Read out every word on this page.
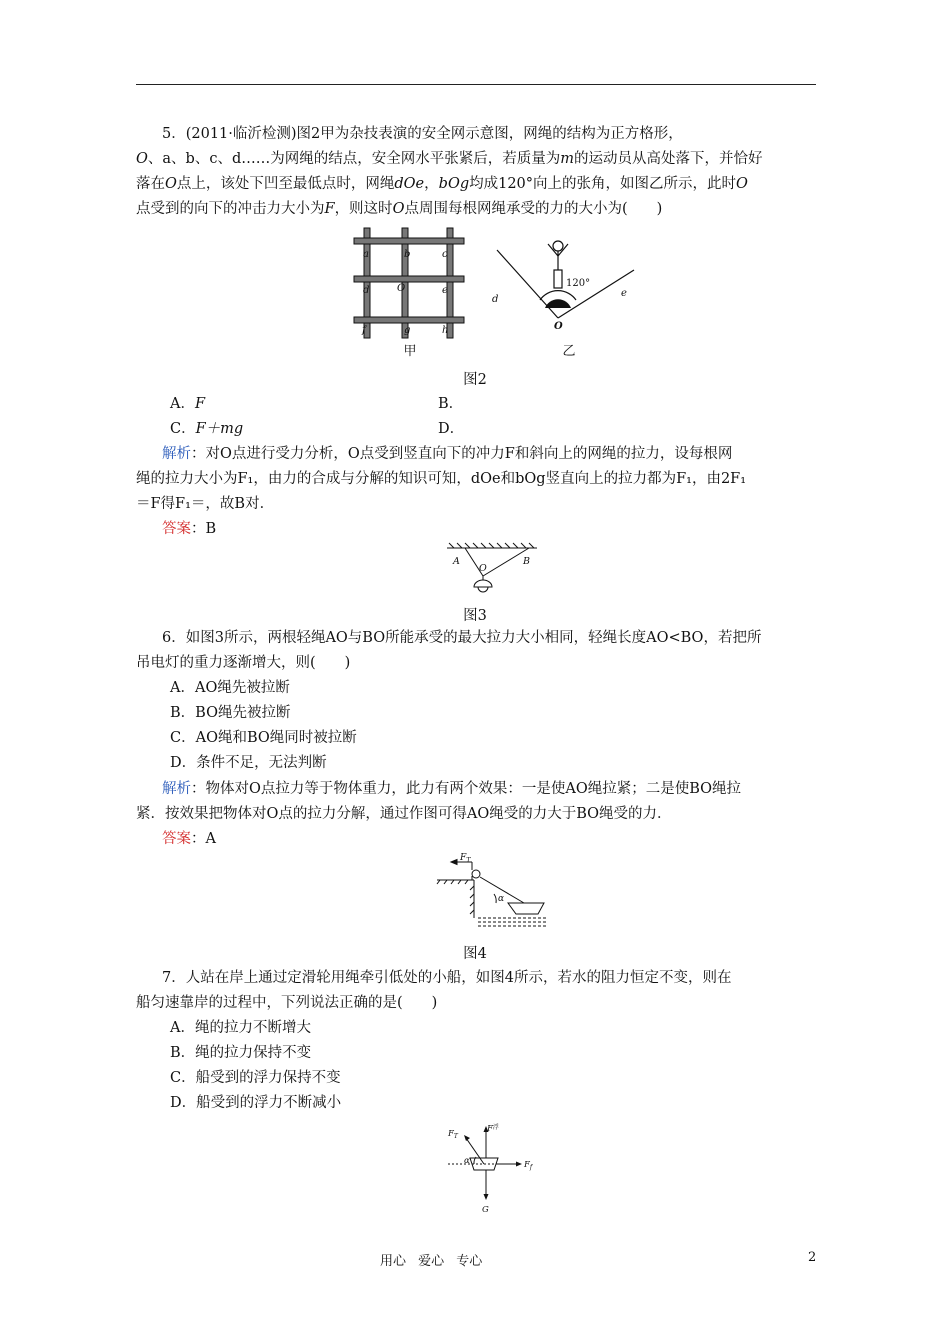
5．(2011·临沂检测)图2甲为杂技表演的安全网示意图，网绳的结构为正方格形，
O、a、b、c、d……为网绳的结点，安全网水平张紧后，若质量为m的运动员从高处落下，并恰好
落在O点上，该处下凹至最低点时，网绳dOe，bOg均成120°向上的张角，如图乙所示，此时O
点受到的向下的冲击力大小为F，则这时O点周围每根网绳承受的力的大小为(　　)
a	b	c
d	O	e
f	g	h
甲
d
e
O
120°
乙
图2
A．F	B．
C．F＋mg	D．
解析：对O点进行受力分析，O点受到竖直向下的冲力F和斜向上的网绳的拉力，设每根网
绳的拉力大小为F₁，由力的合成与分解的知识可知，dOe和bOg竖直向上的拉力都为F₁，由2F₁
＝F得F₁＝，故B对．
答案：B
A
O
B
图3
6．如图3所示，两根轻绳AO与BO所能承受的最大拉力大小相同，轻绳长度AO<BO，若把所
吊电灯的重力逐渐增大，则(　　)
A．AO绳先被拉断
B．BO绳先被拉断
C．AO绳和BO绳同时被拉断
D．条件不足，无法判断
解析：物体对O点拉力等于物体重力，此力有两个效果：一是使AO绳拉紧；二是使BO绳拉
紧．按效果把物体对O点的拉力分解，通过作图可得AO绳受的力大于BO绳受的力．
答案：A
$F_T$
α
图4
7．人站在岸上通过定滑轮用绳牵引低处的小船，如图4所示，若水的阻力恒定不变，则在
船匀速靠岸的过程中，下列说法正确的是(　　)
A．绳的拉力不断增大
B．绳的拉力保持不变
C．船受到的浮力保持不变
D．船受到的浮力不断减小
$F_T$
$F^浮$
$F_f$
α
G
用心 爱心 专心	2
